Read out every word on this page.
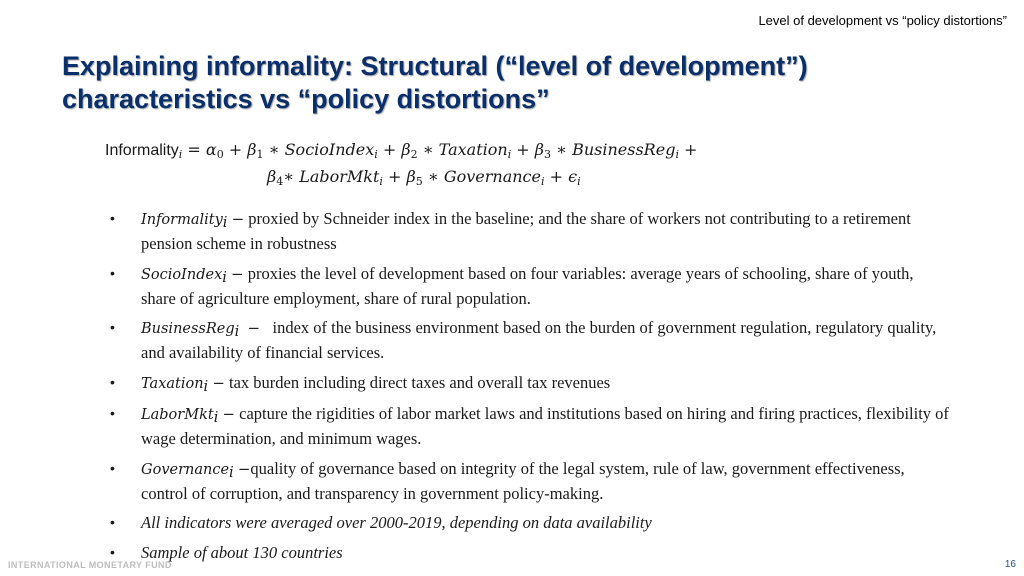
Level of development vs “policy distortions”
Explaining informality: Structural (“level of development”) characteristics vs “policy distortions”
Informality$_i$ = $\alpha_0 + \beta_1$ ∗ SocioIndex$_i$ + $\beta_2$ ∗ Taxation$_i$ + $\beta_3$ ∗ BusinessReg$_i$ +
$\beta_4∗$ LaborMkt$_i$ + $\beta_5$ ∗ Governance$_i$ + $\epsilon_i$
• Informality$_i$ − proxied by Schneider index in the baseline; and the share of workers not contributing to a retirement pension scheme in robustness
• SocioIndex$_i$ − proxies the level of development based on four variables: average years of schooling, share of youth, share of agriculture employment, share of rural population.
• BusinessReg$_i$ − index of the business environment based on the burden of government regulation, regulatory quality, and availability of financial services.
• Taxation$_i$ − tax burden including direct taxes and overall tax revenues
• LaborMkt$_i$ − capture the rigidities of labor market laws and institutions based on hiring and firing practices, flexibility of wage determination, and minimum wages.
• Governance$_i$ −quality of governance based on integrity of the legal system, rule of law, government effectiveness, control of corruption, and transparency in government policy-making.
• All indicators were averaged over 2000-2019, depending on data availability
• Sample of about 130 countries
INTERNATIONAL MONETARY FUND	16
